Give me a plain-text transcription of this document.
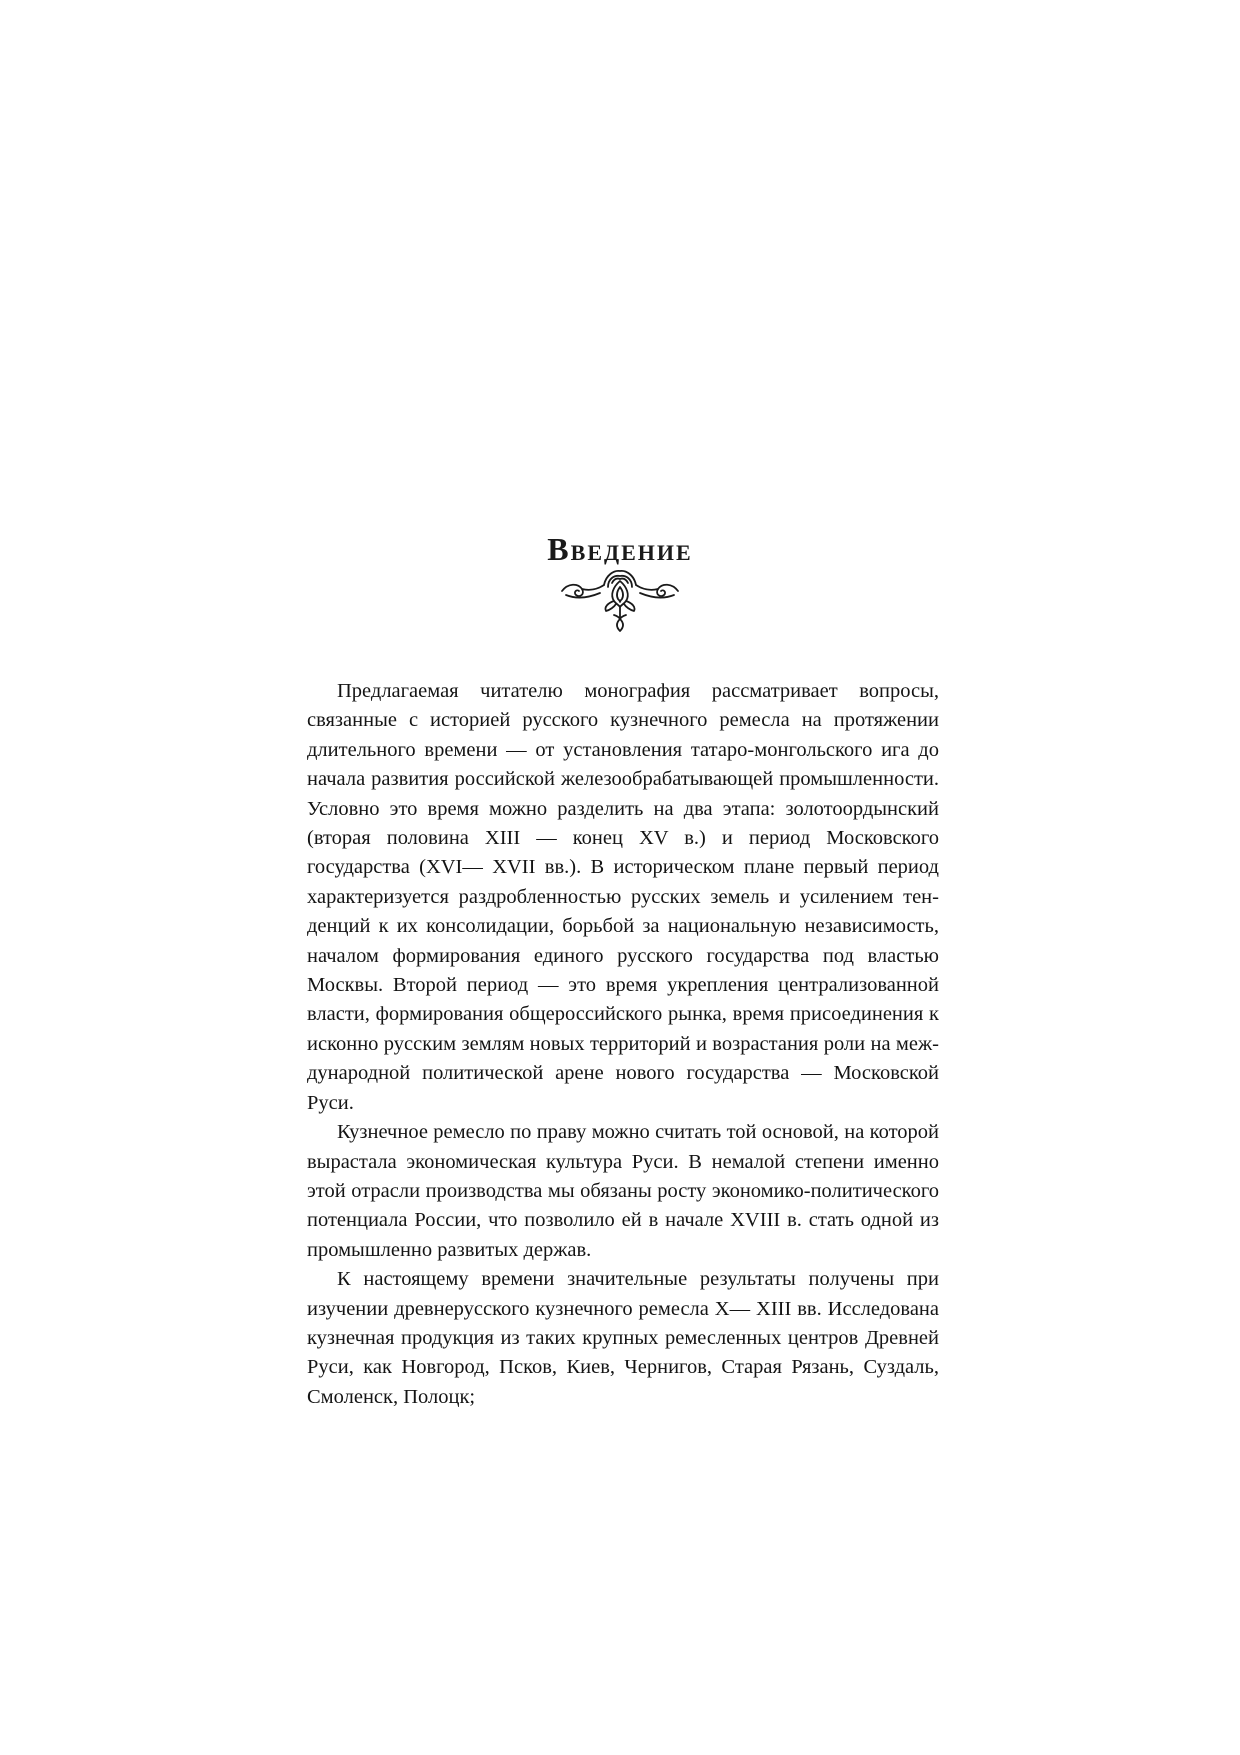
Введение

Предлагаемая читателю монография рассматривает вопросы, связанные с историей русского кузнечного ремесла на протяжении длительного времени — от установления татаро-монгольского ига до начала развития российской железообрабатывающей промышленности. Условно это время можно разделить на два этапа: золотоордынский (вторая половина XIII — конец XV в.) и период Московского государства (XVI— XVII вв.). В историческом плане первый период характеризуется раздробленностью русских земель и усилением тенденций к их консолидации, борьбой за национальную независимость, началом формирования единого русского государства под властью Москвы. Второй период — это время укрепления централизованной власти, формирования общероссийского рынка, время присоединения к исконно русским землям новых территорий и возрастания роли на международной политической арене нового государства — Московской Руси.

Кузнечное ремесло по праву можно считать той основой, на которой вырастала экономическая культура Руси. В немалой степени именно этой отрасли производства мы обязаны росту экономико-политического потенциала России, что позволило ей в начале XVIII в. стать одной из промышленно развитых держав.

К настоящему времени значительные результаты получены при изучении древнерусского кузнечного ремесла X— XIII вв. Исследована кузнечная продукция из таких крупных ремесленных центров Древней Руси, как Новгород, Псков, Киев, Чернигов, Старая Рязань, Суздаль, Смоленск, Полоцк;
